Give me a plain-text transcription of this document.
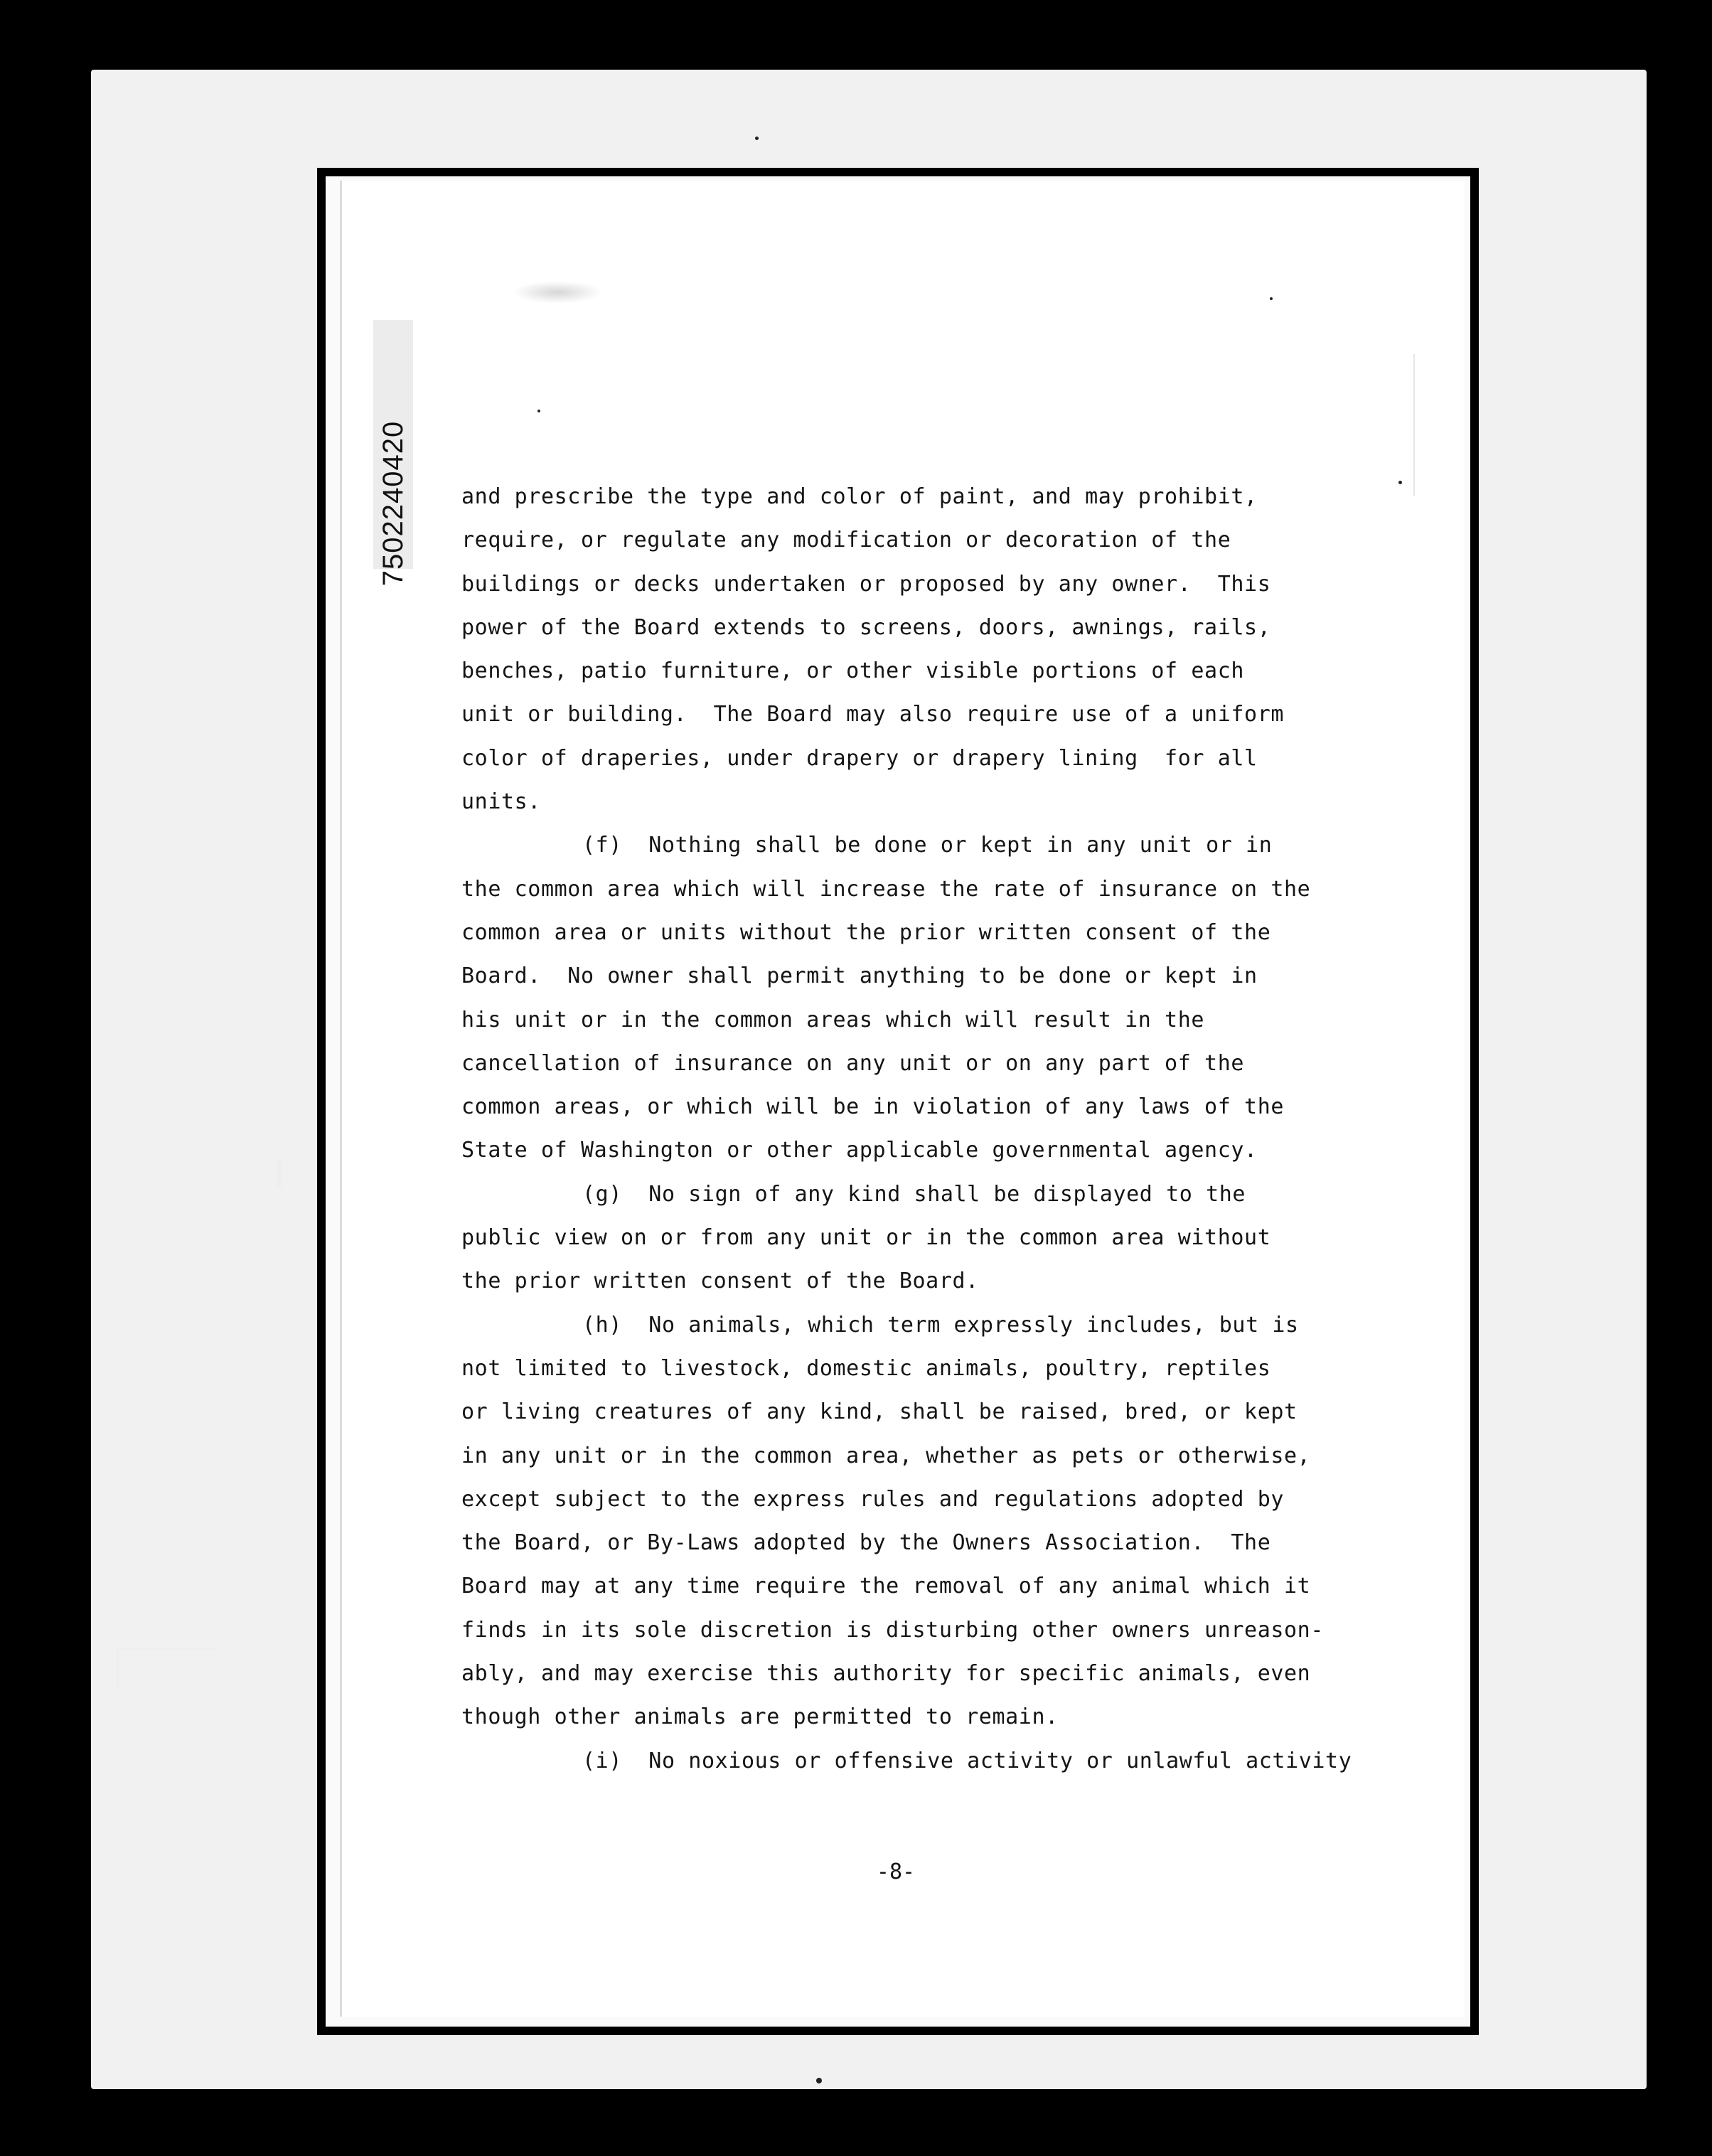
7502240420 and prescribe the type and color of paint, and may prohibit,
require, or regulate any modification or decoration of the
buildings or decks undertaken or proposed by any owner.  This
power of the Board extends to screens, doors, awnings, rails,
benches, patio furniture, or other visible portions of each
unit or building.  The Board may also require use of a uniform
color of draperies, under drapery or drapery lining  for all
units.
(f)  Nothing shall be done or kept in any unit or in
the common area which will increase the rate of insurance on the
common area or units without the prior written consent of the
Board.  No owner shall permit anything to be done or kept in
his unit or in the common areas which will result in the
cancellation of insurance on any unit or on any part of the
common areas, or which will be in violation of any laws of the
State of Washington or other applicable governmental agency.
(g)  No sign of any kind shall be displayed to the
public view on or from any unit or in the common area without
the prior written consent of the Board.
(h)  No animals, which term expressly includes, but is
not limited to livestock, domestic animals, poultry, reptiles
or living creatures of any kind, shall be raised, bred, or kept
in any unit or in the common area, whether as pets or otherwise,
except subject to the express rules and regulations adopted by
the Board, or By-Laws adopted by the Owners Association.  The
Board may at any time require the removal of any animal which it
finds in its sole discretion is disturbing other owners unreason-
ably, and may exercise this authority for specific animals, even
though other animals are permitted to remain.
(i)  No noxious or offensive activity or unlawful activity
-8-
